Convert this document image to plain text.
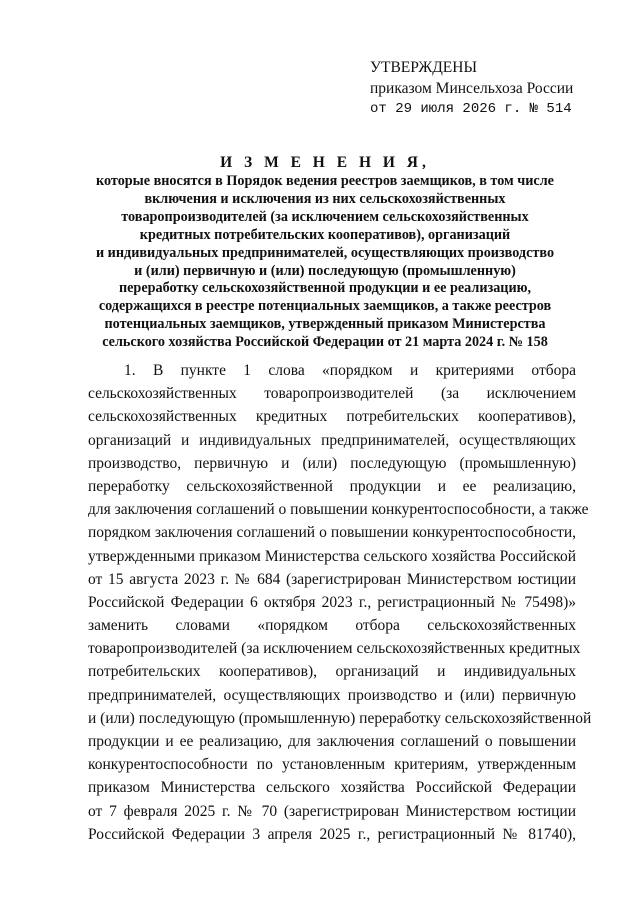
УТВЕРЖДЕНЫ
приказом Минсельхоза России
от 29 июля 2026 г. № 514
И З М Е Н Е Н И Я,
которые вносятся в Порядок ведения реестров заемщиков, в том числе
включения и исключения из них сельскохозяйственных
товаропроизводителей (за исключением сельскохозяйственных
кредитных потребительских кооперативов), организаций
и индивидуальных предпринимателей, осуществляющих производство
и (или) первичную и (или) последующую (промышленную)
переработку сельскохозяйственной продукции и ее реализацию,
содержащихся в реестре потенциальных заемщиков, а также реестров
потенциальных заемщиков, утвержденный приказом Министерства
сельского хозяйства Российской Федерации от 21 марта 2024 г. № 158
1. В пункте 1 слова «порядком и критериями отбора
сельскохозяйственных товаропроизводителей (за исключением
сельскохозяйственных кредитных потребительских кооперативов),
организаций и индивидуальных предпринимателей, осуществляющих
производство, первичную и (или) последующую (промышленную)
переработку сельскохозяйственной продукции и ее реализацию,
для заключения соглашений о повышении конкурентоспособности, а также
порядком заключения соглашений о повышении конкурентоспособности,
утвержденными приказом Министерства сельского хозяйства Российской
от 15 августа 2023 г. № 684 (зарегистрирован Министерством юстиции
Российской Федерации 6 октября 2023 г., регистрационный № 75498)»
заменить словами «порядком отбора сельскохозяйственных
товаропроизводителей (за исключением сельскохозяйственных кредитных
потребительских кооперативов), организаций и индивидуальных
предпринимателей, осуществляющих производство и (или) первичную
и (или) последующую (промышленную) переработку сельскохозяйственной
продукции и ее реализацию, для заключения соглашений о повышении
конкурентоспособности по установленным критериям, утвержденным
приказом Министерства сельского хозяйства Российской Федерации
от 7 февраля 2025 г. № 70 (зарегистрирован Министерством юстиции
Российской Федерации 3 апреля 2025 г., регистрационный № 81740),
